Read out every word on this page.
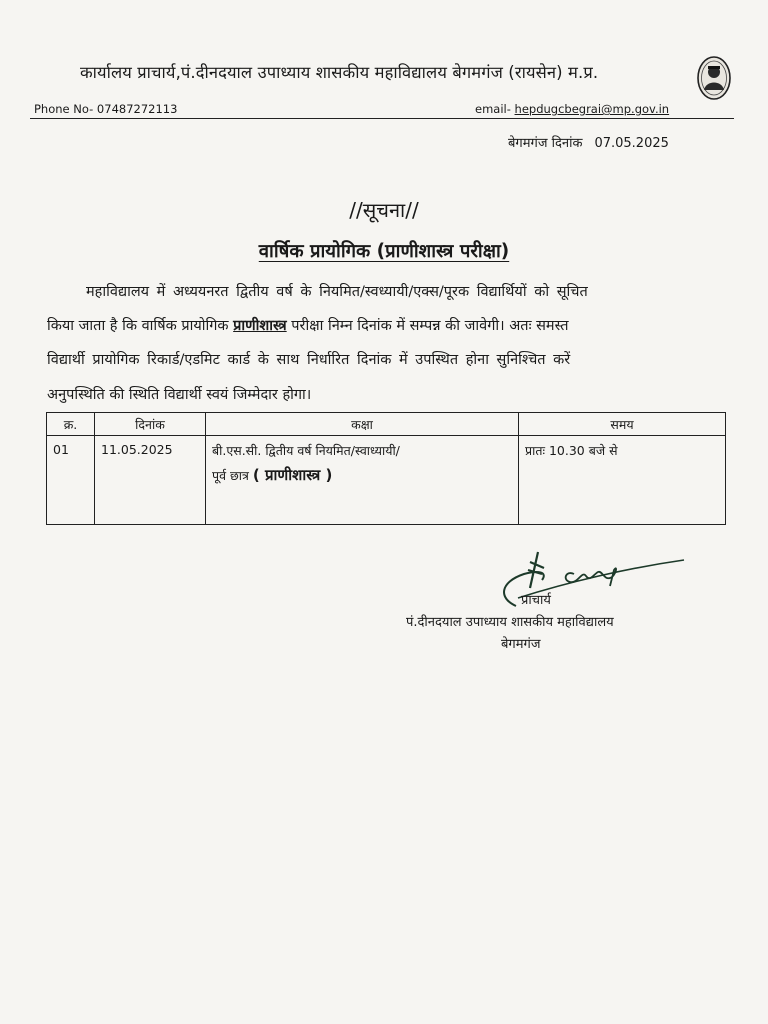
कार्यालय प्राचार्य,पं.दीनदयाल उपाध्याय शासकीय महाविद्यालय बेगमगंज (रायसेन) म.प्र.
Phone No- 07487272113	email- hepdugcbegrai@mp.gov.in
बेगमगंज दिनांक 07.05.2025
//सूचना//
वार्षिक प्रायोगिक (प्राणीशास्त्र परीक्षा)
महाविद्यालय में अध्ययनरत द्वितीय वर्ष के नियमित/स्वध्यायी/एक्स/पूरक विद्यार्थियों को सूचित
किया जाता है कि वार्षिक प्रायोगिक प्राणीशास्त्र परीक्षा निम्न दिनांक में सम्पन्न की जावेगी। अतः समस्त
विद्यार्थी प्रायोगिक रिकार्ड/एडमिट कार्ड के साथ निर्धारित दिनांक में उपस्थित होना सुनिश्चित करें
अनुपस्थिति की स्थिति विद्यार्थी स्वयं जिम्मेदार होगा।
क्र.	दिनांक	कक्षा	समय
01	11.05.2025	बी.एस.सी. द्वितीय वर्ष नियमित/स्वाध्यायी/
पूर्व छात्र ( प्राणीशास्त्र )	प्रातः 10.30 बजे से
प्राचार्य
पं.दीनदयाल उपाध्याय शासकीय महाविद्यालय
बेगमगंज
